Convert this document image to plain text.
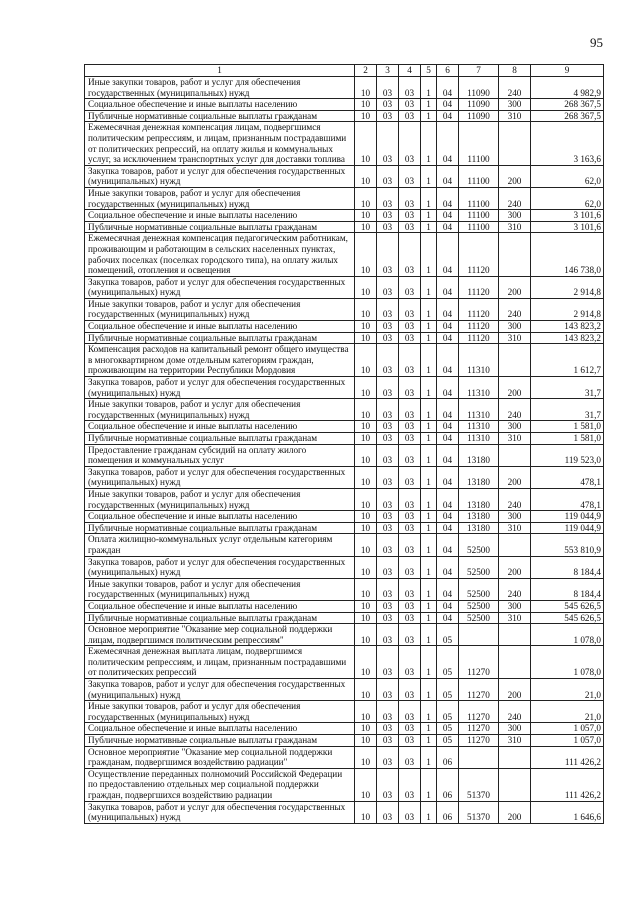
95
1	2	3	4	5	6	7	8	9
Иные закупки товаров, работ и услуг для обеспечения государственных (муниципальных) нужд	10	03	03	1	04	11090	240	4 982,9
Социальное обеспечение и иные выплаты населению	10	03	03	1	04	11090	300	268 367,5
Публичные нормативные социальные выплаты гражданам	10	03	03	1	04	11090	310	268 367,5
Ежемесячная денежная компенсация лицам, подвергшимся политическим репрессиям, и лицам, признанным пострадавшими от политических репрессий, на оплату жилья и коммунальных услуг, за исключением транспортных услуг для доставки топлива	10	03	03	1	04	11100		3 163,6
Закупка товаров, работ и услуг для обеспечения государственных (муниципальных) нужд	10	03	03	1	04	11100	200	62,0
Иные закупки товаров, работ и услуг для обеспечения государственных (муниципальных) нужд	10	03	03	1	04	11100	240	62,0
Социальное обеспечение и иные выплаты населению	10	03	03	1	04	11100	300	3 101,6
Публичные нормативные социальные выплаты гражданам	10	03	03	1	04	11100	310	3 101,6
Ежемесячная денежная компенсация педагогическим работникам, проживающим и работающим в сельских населенных пунктах, рабочих поселках (поселках городского типа), на оплату жилых помещений, отопления и освещения	10	03	03	1	04	11120		146 738,0
Закупка товаров, работ и услуг для обеспечения государственных (муниципальных) нужд	10	03	03	1	04	11120	200	2 914,8
Иные закупки товаров, работ и услуг для обеспечения государственных (муниципальных) нужд	10	03	03	1	04	11120	240	2 914,8
Социальное обеспечение и иные выплаты населению	10	03	03	1	04	11120	300	143 823,2
Публичные нормативные социальные выплаты гражданам	10	03	03	1	04	11120	310	143 823,2
Компенсация расходов на капитальный ремонт общего имущества в многоквартирном доме отдельным категориям граждан, проживающим на территории Республики Мордовия	10	03	03	1	04	11310		1 612,7
Закупка товаров, работ и услуг для обеспечения государственных (муниципальных) нужд	10	03	03	1	04	11310	200	31,7
Иные закупки товаров, работ и услуг для обеспечения государственных (муниципальных) нужд	10	03	03	1	04	11310	240	31,7
Социальное обеспечение и иные выплаты населению	10	03	03	1	04	11310	300	1 581,0
Публичные нормативные социальные выплаты гражданам	10	03	03	1	04	11310	310	1 581,0
Предоставление гражданам субсидий на оплату жилого помещения и коммунальных услуг	10	03	03	1	04	13180		119 523,0
Закупка товаров, работ и услуг для обеспечения государственных (муниципальных) нужд	10	03	03	1	04	13180	200	478,1
Иные закупки товаров, работ и услуг для обеспечения государственных (муниципальных) нужд	10	03	03	1	04	13180	240	478,1
Социальное обеспечение и иные выплаты населению	10	03	03	1	04	13180	300	119 044,9
Публичные нормативные социальные выплаты гражданам	10	03	03	1	04	13180	310	119 044,9
Оплата жилищно-коммунальных услуг отдельным категориям граждан	10	03	03	1	04	52500		553 810,9
Закупка товаров, работ и услуг для обеспечения государственных (муниципальных) нужд	10	03	03	1	04	52500	200	8 184,4
Иные закупки товаров, работ и услуг для обеспечения государственных (муниципальных) нужд	10	03	03	1	04	52500	240	8 184,4
Социальное обеспечение и иные выплаты населению	10	03	03	1	04	52500	300	545 626,5
Публичные нормативные социальные выплаты гражданам	10	03	03	1	04	52500	310	545 626,5
Основное мероприятие "Оказание мер социальной поддержки лицам, подвергшимся политическим репрессиям"	10	03	03	1	05			1 078,0
Ежемесячная денежная выплата лицам, подвергшимся политическим репрессиям, и лицам, признанным пострадавшими от политических репрессий	10	03	03	1	05	11270		1 078,0
Закупка товаров, работ и услуг для обеспечения государственных (муниципальных) нужд	10	03	03	1	05	11270	200	21,0
Иные закупки товаров, работ и услуг для обеспечения государственных (муниципальных) нужд	10	03	03	1	05	11270	240	21,0
Социальное обеспечение и иные выплаты населению	10	03	03	1	05	11270	300	1 057,0
Публичные нормативные социальные выплаты гражданам	10	03	03	1	05	11270	310	1 057,0
Основное мероприятие "Оказание мер социальной поддержки гражданам, подвергшимся воздействию радиации"	10	03	03	1	06			111 426,2
Осуществление переданных полномочий Российской Федерации по предоставлению отдельных мер социальной поддержки граждан, подвергшихся воздействию радиации	10	03	03	1	06	51370		111 426,2
Закупка товаров, работ и услуг для обеспечения государственных (муниципальных) нужд	10	03	03	1	06	51370	200	1 646,6
